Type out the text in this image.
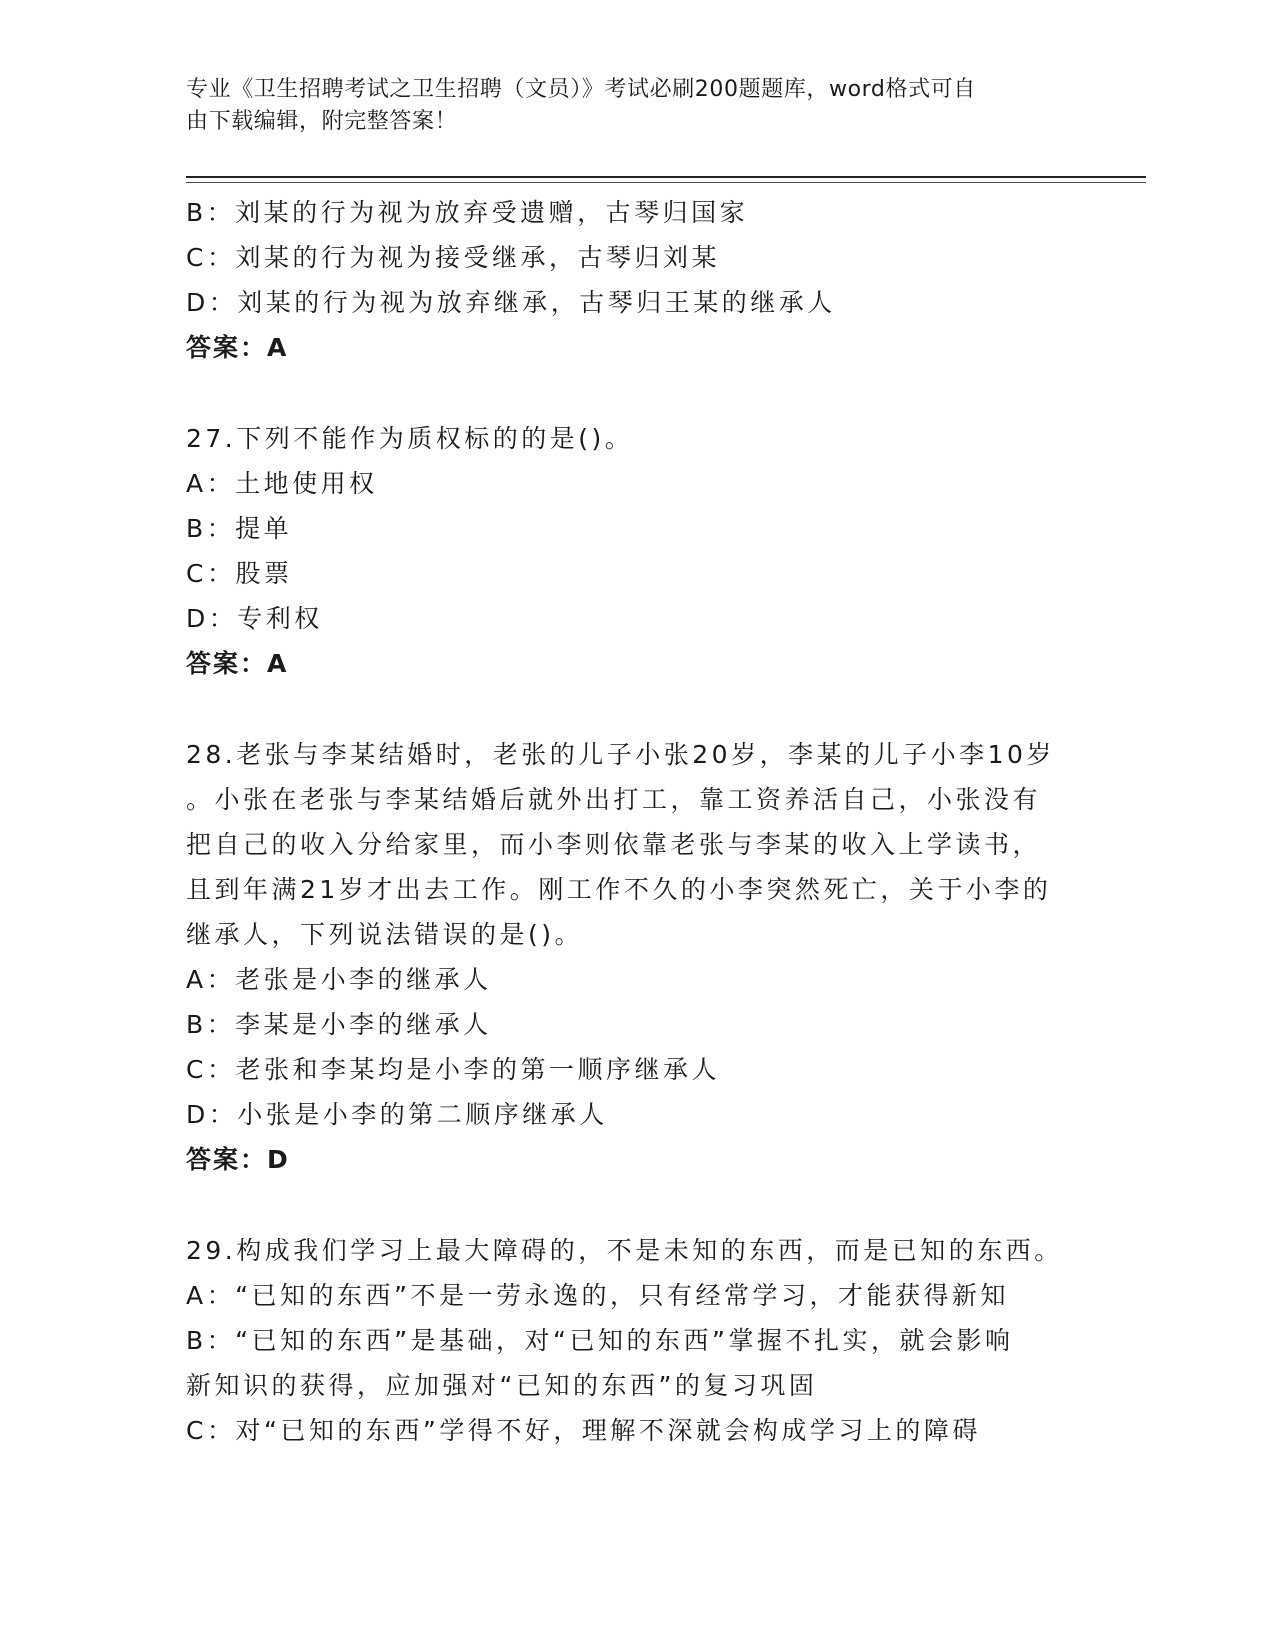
专业《卫生招聘考试之卫生招聘（文员）》考试必刷200题题库，word格式可自
由下载编辑，附完整答案！
B：刘某的行为视为放弃受遗赠，古琴归国家
C：刘某的行为视为接受继承，古琴归刘某
D：刘某的行为视为放弃继承，古琴归王某的继承人
答案：A
27.下列不能作为质权标的的是()。
A：土地使用权
B：提单
C：股票
D：专利权
答案：A
28.老张与李某结婚时，老张的儿子小张20岁，李某的儿子小李10岁
。小张在老张与李某结婚后就外出打工，靠工资养活自己，小张没有
把自己的收入分给家里，而小李则依靠老张与李某的收入上学读书，
且到年满21岁才出去工作。刚工作不久的小李突然死亡，关于小李的
继承人，下列说法错误的是()。
A：老张是小李的继承人
B：李某是小李的继承人
C：老张和李某均是小李的第一顺序继承人
D：小张是小李的第二顺序继承人
答案：D
29.构成我们学习上最大障碍的，不是未知的东西，而是已知的东西。
A：“已知的东西”不是一劳永逸的，只有经常学习，才能获得新知
B：“已知的东西”是基础，对“已知的东西”掌握不扎实，就会影响
新知识的获得，应加强对“已知的东西”的复习巩固
C：对“已知的东西”学得不好，理解不深就会构成学习上的障碍
